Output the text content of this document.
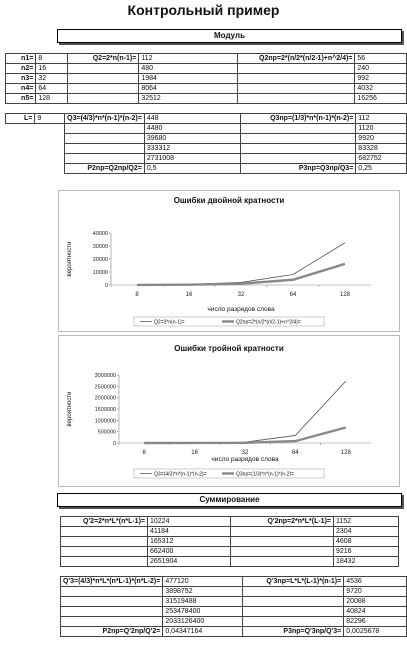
Контрольный пример
Модуль
n1=	8	Q2=2*n(n-1)=	112	Q2np=2*(n/2*(n/2-1)+n^2/4)=	56
n2=	16		480		240
n3=	32		1984		992
n4=	64		8064		4032
n5=	128		32512		16256
L=	9	Q3=(4/3)*n*(n-1)*(n-2)=	448	Q3np=(1/3)*n*(n-1)*(n-2)=	112
			4480		1120
			39680		9920
			333312		83328
			2731008		682752
		P2np=Q2np/Q2=	0,5	P3np=Q3np/Q3=	0,25
Ошибки двойной кратности
0
10000
20000
30000
40000
8	16	32	64	128
число разрядов слова
вероятности
Q2=2*n(n-1)=	Q2np=2*(n/2*(n/2-1)+n^2/4)=
Ошибки тройной кратности
0
500000
1000000
1500000
2000000
2500000
3000000
8	16	32	64	128
число разрядов слова
вероятности
Q3=(4/3)*n*(n-1)*(n-2)=	Q3np=(1/3)*n*(n-1)*(n-2)=
Суммирование
Q'2=2*n*L*(n*L-1)=	10224	Q'2np=2*n*L*(L-1)=	1152
	41184		2304
	165312		4608
	662400		9216
	2651904		18432
Q'3=(4/3)*n*L*(n*L-1)*(n*L-2)=	477120	Q'3np=L*L*(L-1)*(n-1)=	4536
	3898752		9720
	31519488		20088
	253478400		40824
	2033126400		82296
P2np=Q'2np/Q'2=	0,04347164	P3np=Q'3np/Q'3=	0,0025678
